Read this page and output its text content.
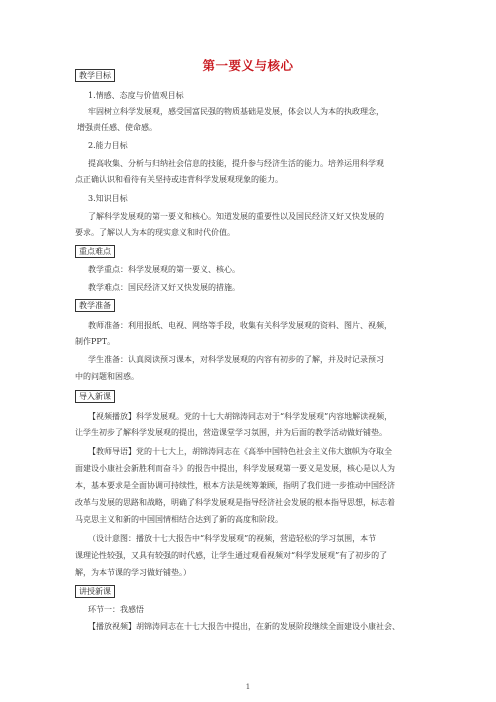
第一要义与核心
教学目标
1.情感、态度与价值观目标
牢固树立科学发展观，感受国富民强的物质基础是发展，体会以人为本的执政理念，
增强责任感、使命感。
2.能力目标
提高收集、分析与归纳社会信息的技能，提升参与经济生活的能力。培养运用科学观
点正确认识和看待有关坚持或违背科学发展观现象的能力。
3.知识目标
了解科学发展观的第一要义和核心。知道发展的重要性以及国民经济又好又快发展的
要求。了解以人为本的现实意义和时代价值。
重点难点
教学重点：科学发展观的第一要义、核心。
教学难点：国民经济又好又快发展的措施。
教学准备
教师准备：利用报纸、电视、网络等手段，收集有关科学发展观的资料、图片、视频，
制作PPT。
学生准备：认真阅读预习课本，对科学发展观的内容有初步的了解，并及时记录预习
中的问题和困惑。
导入新课
【视频播放】科学发展观。党的十七大胡锦涛同志对于“科学发展观”内容地解读视频，
让学生初步了解科学发展观的提出，营造课堂学习氛围，并为后面的教学活动做好铺垫。
【教师导语】党的十七大上，胡锦涛同志在《高举中国特色社会主义伟大旗帜为夺取全
面建设小康社会新胜利而奋斗》的报告中提出，科学发展观第一要义是发展，核心是以人为
本，基本要求是全面协调可持续性，根本方法是统筹兼顾，指明了我们进一步推动中国经济
改革与发展的思路和战略，明确了科学发展观是指导经济社会发展的根本指导思想，标志着
马克思主义和新的中国国情相结合达到了新的高度和阶段。
（设计意图：播放十七大报告中“科学发展观”的视频，营造轻松的学习氛围，本节
课理论性较强，又具有较强的时代感，让学生通过观看视频对“科学发展观”有了初步的了
解，为本节课的学习做好铺垫。）
讲授新课
环节一：我感悟
【播放视频】胡锦涛同志在十七大报告中提出，在新的发展阶段继续全面建设小康社会、
1
